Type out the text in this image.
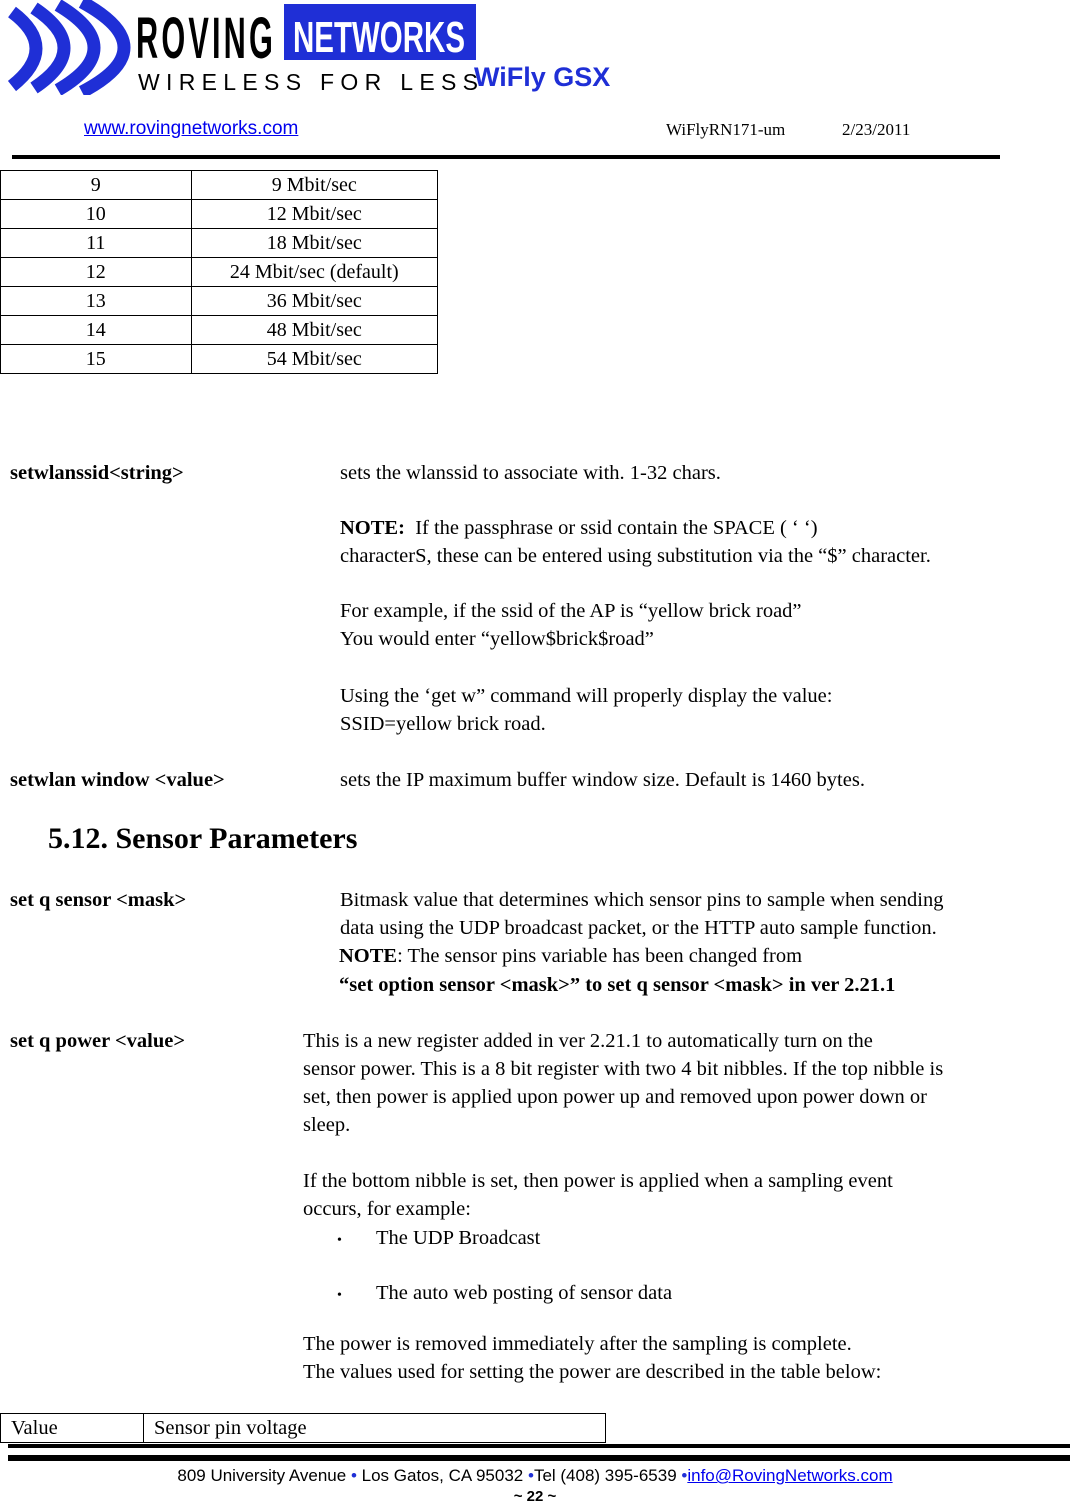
ROVING NETWORKS
WIRELESS FOR LESS
WiFly GSX
www.rovingnetworks.com	WiFlyRN171-um	2/23/2011
9	9 Mbit/sec
10	12 Mbit/sec
11	18 Mbit/sec
12	24 Mbit/sec (default)
13	36 Mbit/sec
14	48 Mbit/sec
15	54 Mbit/sec
setwlanssid<string>	sets the wlanssid to associate with. 1-32 chars.
NOTE: If the passphrase or ssid contain the SPACE ( ‘ ‘)
characterS, these can be entered using substitution via the “$” character.
For example, if the ssid of the AP is “yellow brick road”
You would enter “yellow$brick$road”
Using the ‘get w” command will properly display the value:
SSID=yellow brick road.
setwlan window <value>	sets the IP maximum buffer window size. Default is 1460 bytes.
5.12. Sensor Parameters
set q sensor <mask>	Bitmask value that determines which sensor pins to sample when sending
data using the UDP broadcast packet, or the HTTP auto sample function.
NOTE: The sensor pins variable has been changed from
“set option sensor <mask>” to set q sensor <mask> in ver 2.21.1
set q power <value>	This is a new register added in ver 2.21.1 to automatically turn on the
sensor power. This is a 8 bit register with two 4 bit nibbles. If the top nibble is
set, then power is applied upon power up and removed upon power down or
sleep.
If the bottom nibble is set, then power is applied when a sampling event
occurs, for example:
• The UDP Broadcast
• The auto web posting of sensor data
The power is removed immediately after the sampling is complete.
The values used for setting the power are described in the table below:
Value	Sensor pin voltage
809 University Avenue • Los Gatos, CA 95032 •Tel (408) 395-6539 •info@RovingNetworks.com
~ 22 ~
